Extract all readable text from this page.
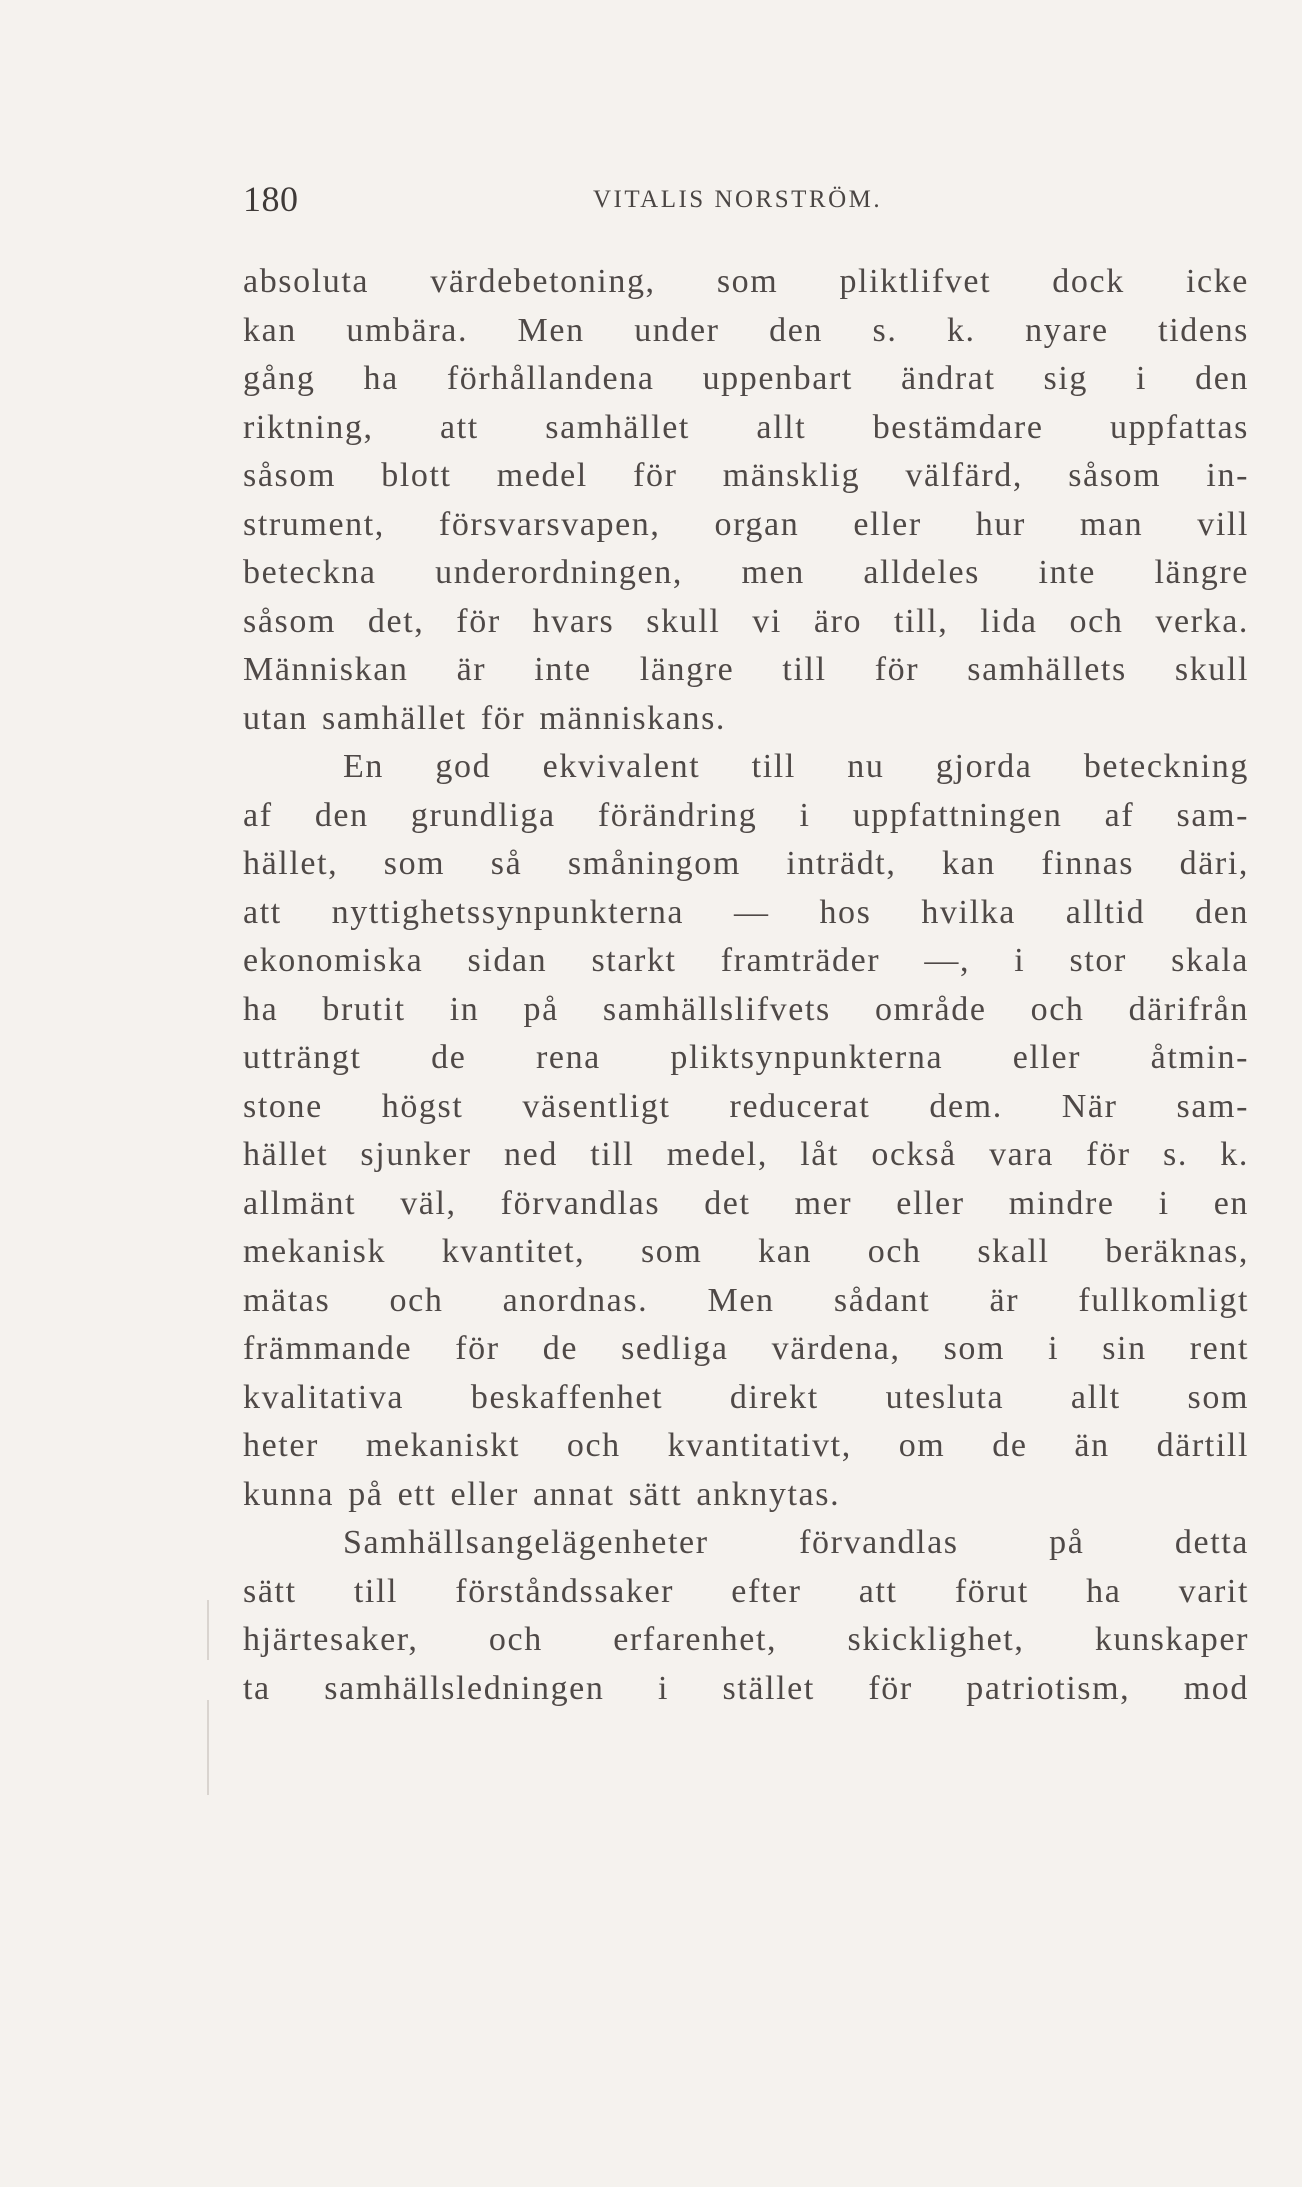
180	VITALIS NORSTRÖM.
absoluta värdebetoning, som pliktlifvet dock icke
kan umbära. Men under den s. k. nyare tidens
gång ha förhållandena uppenbart ändrat sig i den
riktning, att samhället allt bestämdare uppfattas
såsom blott medel för mänsklig välfärd, såsom in-
strument, försvarsvapen, organ eller hur man vill
beteckna underordningen, men alldeles inte längre
såsom det, för hvars skull vi äro till, lida och verka.
Människan är inte längre till för samhällets skull
utan samhället för människans.
En god ekvivalent till nu gjorda beteckning
af den grundliga förändring i uppfattningen af sam-
hället, som så småningom inträdt, kan finnas däri,
att nyttighetssynpunkterna — hos hvilka alltid den
ekonomiska sidan starkt framträder —, i stor skala
ha brutit in på samhällslifvets område och därifrån
utträngt de rena pliktsynpunkterna eller åtmin-
stone högst väsentligt reducerat dem. När sam-
hället sjunker ned till medel, låt också vara för s. k.
allmänt väl, förvandlas det mer eller mindre i en
mekanisk kvantitet, som kan och skall beräknas,
mätas och anordnas. Men sådant är fullkomligt
främmande för de sedliga värdena, som i sin rent
kvalitativa beskaffenhet direkt utesluta allt som
heter mekaniskt och kvantitativt, om de än därtill
kunna på ett eller annat sätt anknytas.
Samhällsangelägenheter förvandlas på detta
sätt till förståndssaker efter att förut ha varit
hjärtesaker, och erfarenhet, skicklighet, kunskaper
ta samhällsledningen i stället för patriotism, mod
